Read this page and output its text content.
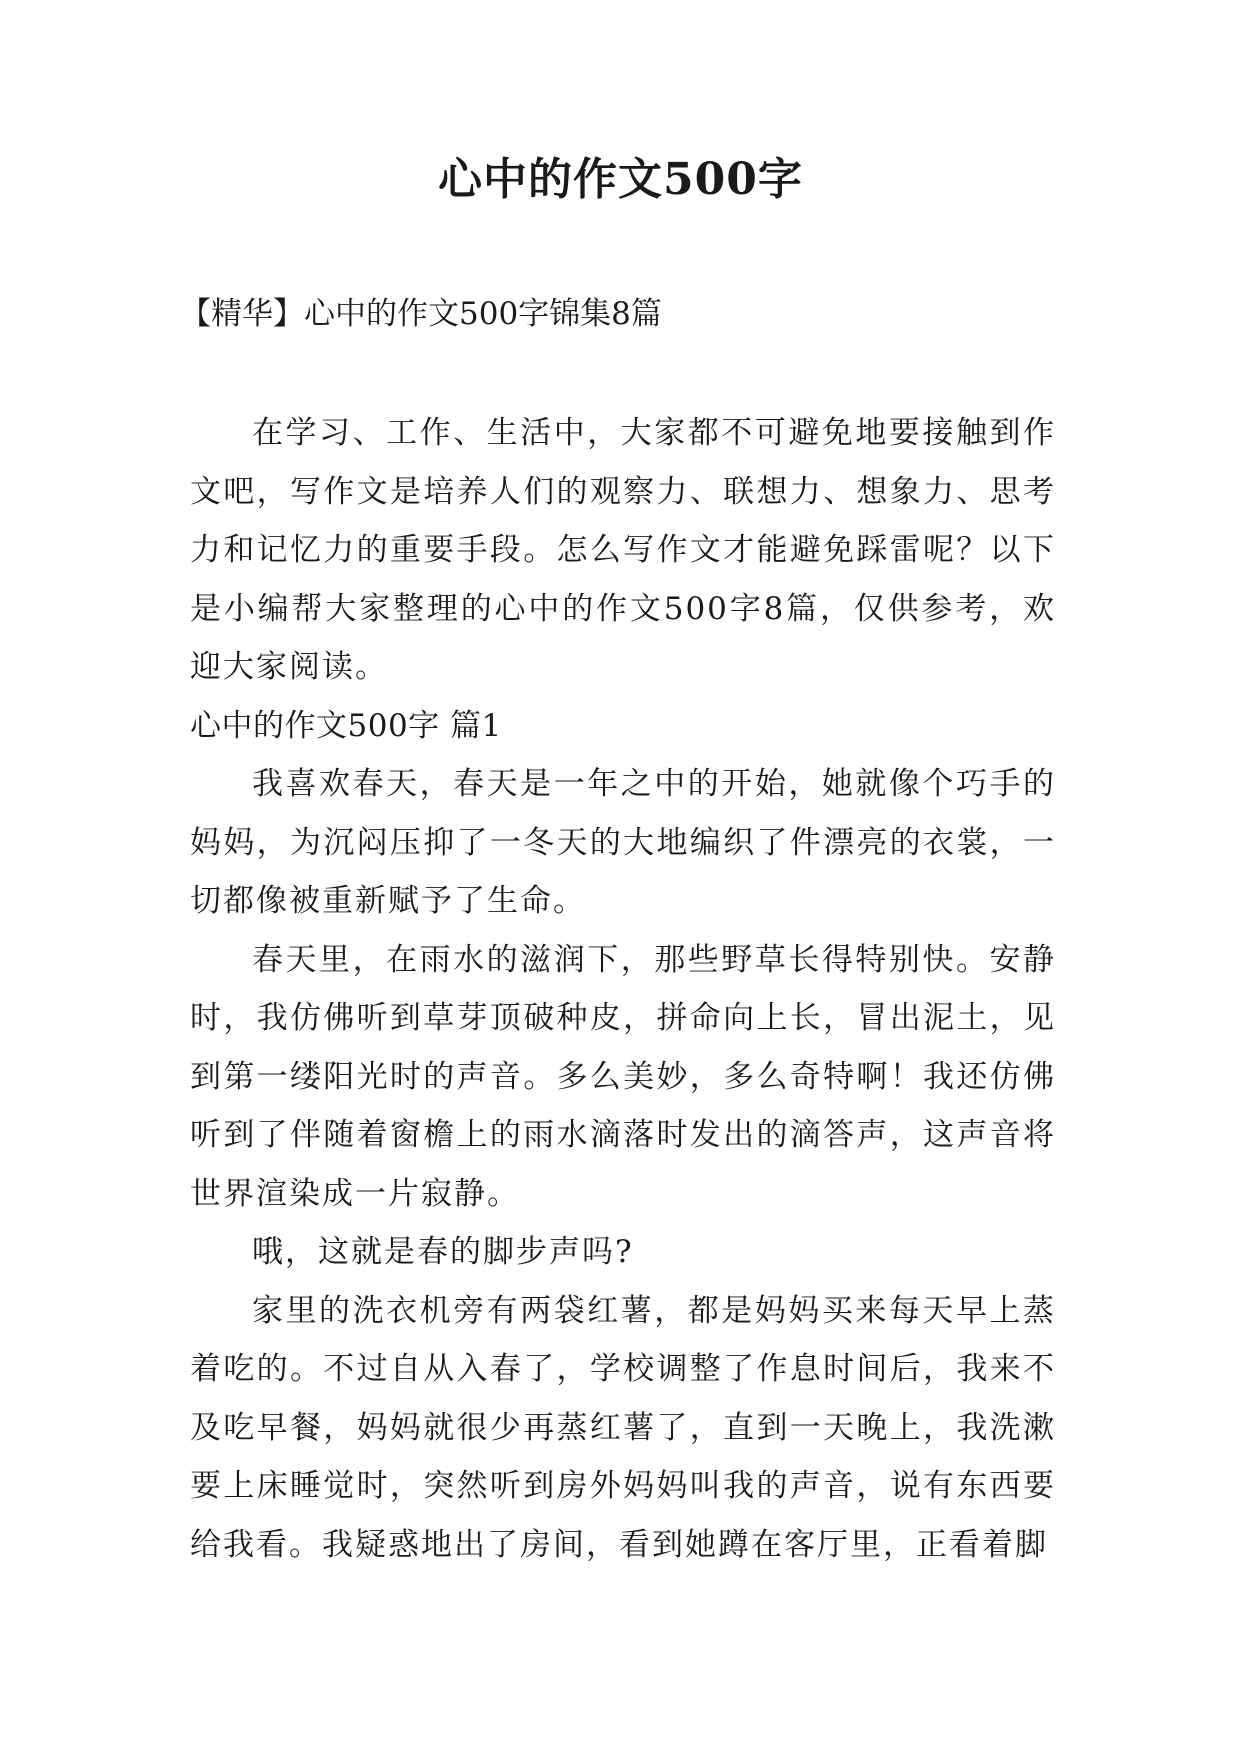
心中的作文500字
【精华】心中的作文500字锦集8篇

在学习、工作、生活中，大家都不可避免地要接触到作文吧，写作文是培养人们的观察力、联想力、想象力、思考力和记忆力的重要手段。怎么写作文才能避免踩雷呢？以下是小编帮大家整理的心中的作文500字8篇，仅供参考，欢迎大家阅读。

心中的作文500字 篇1

我喜欢春天，春天是一年之中的开始，她就像个巧手的妈妈，为沉闷压抑了一冬天的大地编织了件漂亮的衣裳，一切都像被重新赋予了生命。

春天里，在雨水的滋润下，那些野草长得特别快。安静时，我仿佛听到草芽顶破种皮，拼命向上长，冒出泥土，见到第一缕阳光时的声音。多么美妙，多么奇特啊！我还仿佛听到了伴随着窗檐上的雨水滴落时发出的滴答声，这声音将世界渲染成一片寂静。

哦，这就是春的脚步声吗?

家里的洗衣机旁有两袋红薯，都是妈妈买来每天早上蒸着吃的。不过自从入春了，学校调整了作息时间后，我来不及吃早餐，妈妈就很少再蒸红薯了，直到一天晚上，我洗漱要上床睡觉时，突然听到房外妈妈叫我的声音，说有东西要给我看。我疑惑地出了房间，看到她蹲在客厅里，正看着脚
